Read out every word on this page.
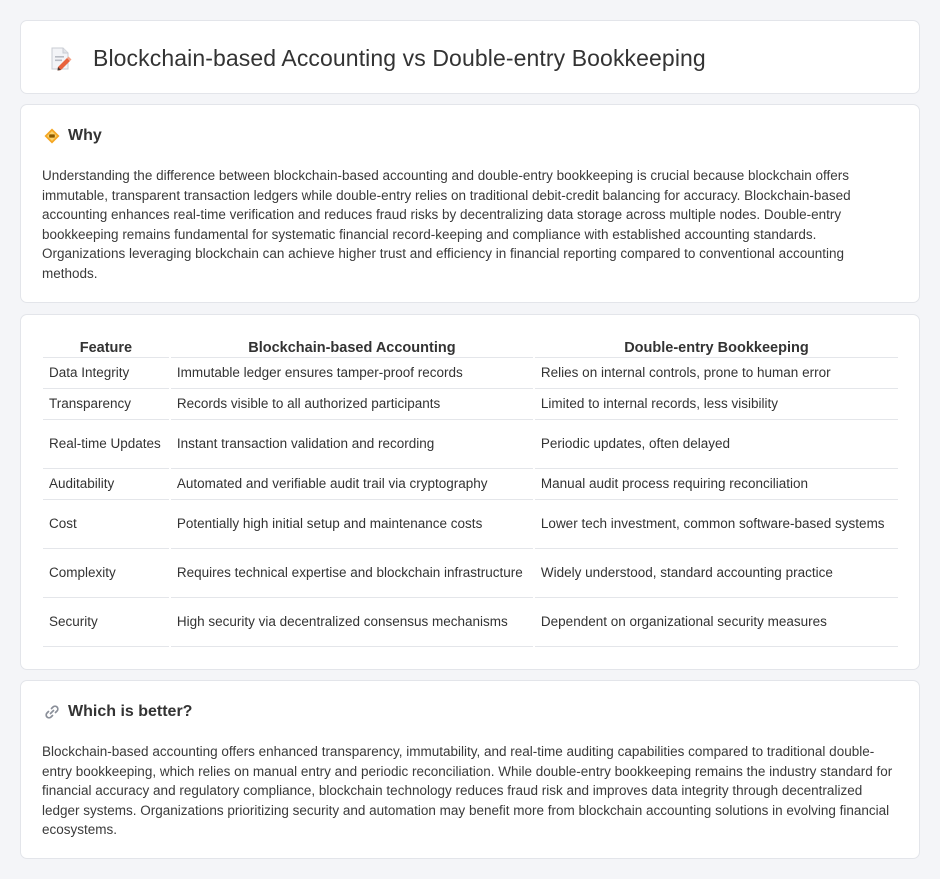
Blockchain-based Accounting vs Double-entry Bookkeeping
Why

Understanding the difference between blockchain-based accounting and double-entry bookkeeping is crucial because blockchain offers immutable, transparent transaction ledgers while double-entry relies on traditional debit-credit balancing for accuracy. Blockchain-based accounting enhances real-time verification and reduces fraud risks by decentralizing data storage across multiple nodes. Double-entry bookkeeping remains fundamental for systematic financial record-keeping and compliance with established accounting standards. Organizations leveraging blockchain can achieve higher trust and efficiency in financial reporting compared to conventional accounting methods.

Feature	Blockchain-based Accounting	Double-entry Bookkeeping
Data Integrity	Immutable ledger ensures tamper-proof records	Relies on internal controls, prone to human error
Transparency	Records visible to all authorized participants	Limited to internal records, less visibility
Real-time Updates	Instant transaction validation and recording	Periodic updates, often delayed
Auditability	Automated and verifiable audit trail via cryptography	Manual audit process requiring reconciliation
Cost	Potentially high initial setup and maintenance costs	Lower tech investment, common software-based systems
Complexity	Requires technical expertise and blockchain infrastructure	Widely understood, standard accounting practice
Security	High security via decentralized consensus mechanisms	Dependent on organizational security measures
Which is better?

Blockchain-based accounting offers enhanced transparency, immutability, and real-time auditing capabilities compared to traditional double-entry bookkeeping, which relies on manual entry and periodic reconciliation. While double-entry bookkeeping remains the industry standard for financial accuracy and regulatory compliance, blockchain technology reduces fraud risk and improves data integrity through decentralized ledger systems. Organizations prioritizing security and automation may benefit more from blockchain accounting solutions in evolving financial ecosystems.
